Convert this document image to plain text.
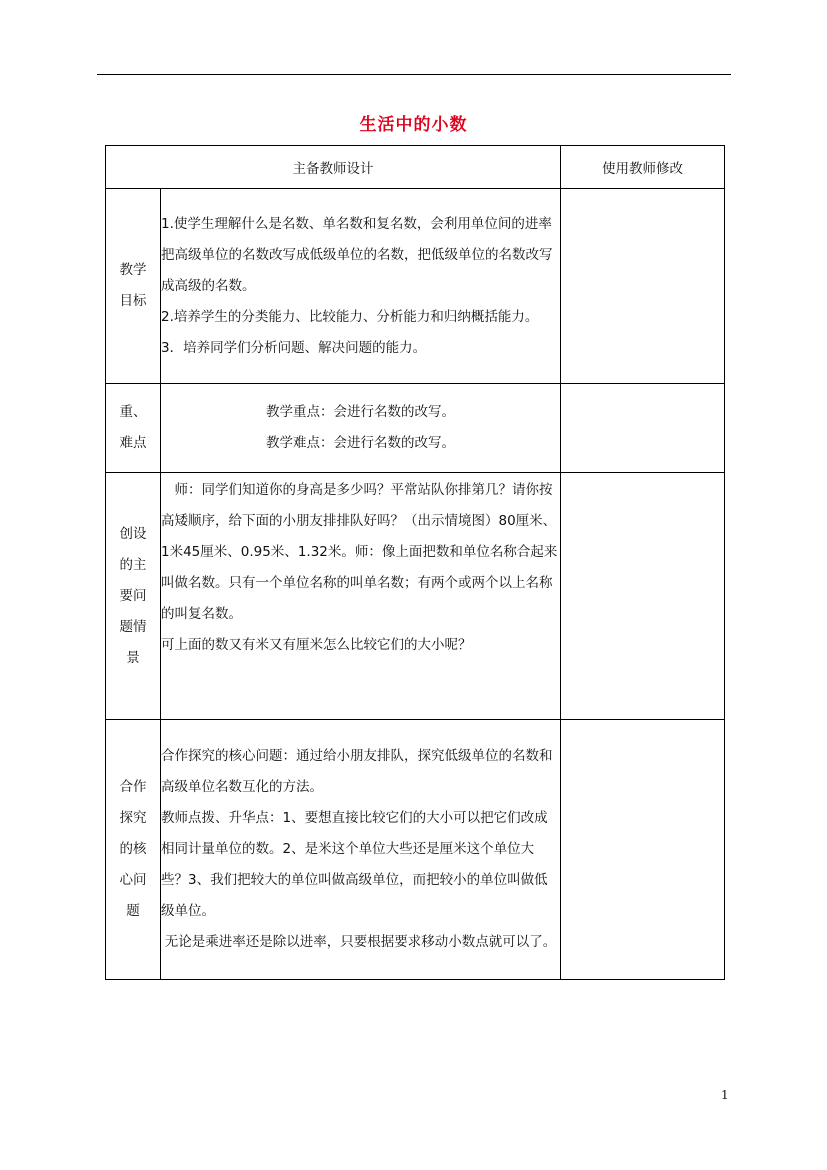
生活中的小数
主备教师设计		使用教师修改
教学目标	1.使学生理解什么是名数、单名数和复名数，会利用单位间的进率把高级单位的名数改写成低级单位的名数，把低级单位的名数改写成高级的名数。

2.培养学生的分类能力、比较能力、分析能力和归纳概括能力。

3．培养同学们分析问题、解决问题的能力。	

重、难点	教学重点：会进行名数的改写。

教学难点：会进行名数的改写。	

创设的主要问题情景	师：同学们知道你的身高是多少吗？平常站队你排第几？请你按高矮顺序，给下面的小朋友排排队好吗？（出示情境图）80厘米、1米45厘米、0.95米、1.32米。师：像上面把数和单位名称合起来叫做名数。只有一个单位名称的叫单名数；有两个或两个以上名称的叫复名数。

可上面的数又有米又有厘米怎么比较它们的大小呢？	

合作探究的核心问题	合作探究的核心问题：通过给小朋友排队，探究低级单位的名数和高级单位名数互化的方法。

教师点拨、升华点：1、要想直接比较它们的大小可以把它们改成相同计量单位的数。2、是米这个单位大些还是厘米这个单位大些？3、我们把较大的单位叫做高级单位，而把较小的单位叫做低级单位。

无论是乘进率还是除以进率，只要根据要求移动小数点就可以了。	

1
